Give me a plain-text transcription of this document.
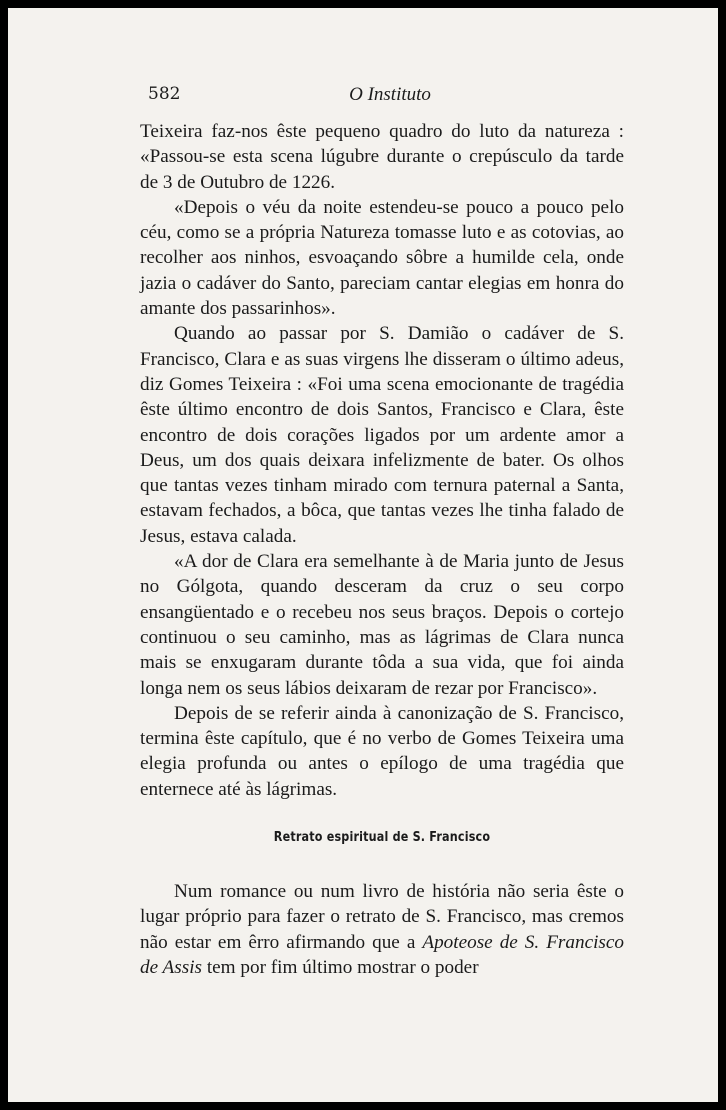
582	O Instituto

Teixeira faz-nos êste pequeno quadro do luto da natureza : «Passou-se esta scena lúgubre durante o crepúsculo da tarde de 3 de Outubro de 1226.

«Depois o véu da noite estendeu-se pouco a pouco pelo céu, como se a própria Natureza tomasse luto e as cotovias, ao recolher aos ninhos, esvoaçando sôbre a humilde cela, onde jazia o cadáver do Santo, pareciam cantar elegias em honra do amante dos passarinhos».

Quando ao passar por S. Damião o cadáver de S. Francisco, Clara e as suas virgens lhe disseram o último adeus, diz Gomes Teixeira : «Foi uma scena emocionante de tragédia êste último encontro de dois Santos, Francisco e Clara, êste encontro de dois corações ligados por um ardente amor a Deus, um dos quais deixara infelizmente de bater. Os olhos que tantas vezes tinham mirado com ternura paternal a Santa, estavam fechados, a bôca, que tantas vezes lhe tinha falado de Jesus, estava calada.

«A dor de Clara era semelhante à de Maria junto de Jesus no Gólgota, quando desceram da cruz o seu corpo ensangüentado e o recebeu nos seus braços. Depois o cortejo continuou o seu caminho, mas as lágrimas de Clara nunca mais se enxugaram durante tôda a sua vida, que foi ainda longa nem os seus lábios deixaram de rezar por Francisco».

Depois de se referir ainda à canonização de S. Francisco, termina êste capítulo, que é no verbo de Gomes Teixeira uma elegia profunda ou antes o epílogo de uma tragédia que enternece até às lágrimas.

Retrato espiritual de S. Francisco

Num romance ou num livro de história não seria êste o lugar próprio para fazer o retrato de S. Francisco, mas cremos não estar em êrro afirmando que a Apoteose de S. Francisco de Assis tem por fim último mostrar o poder
